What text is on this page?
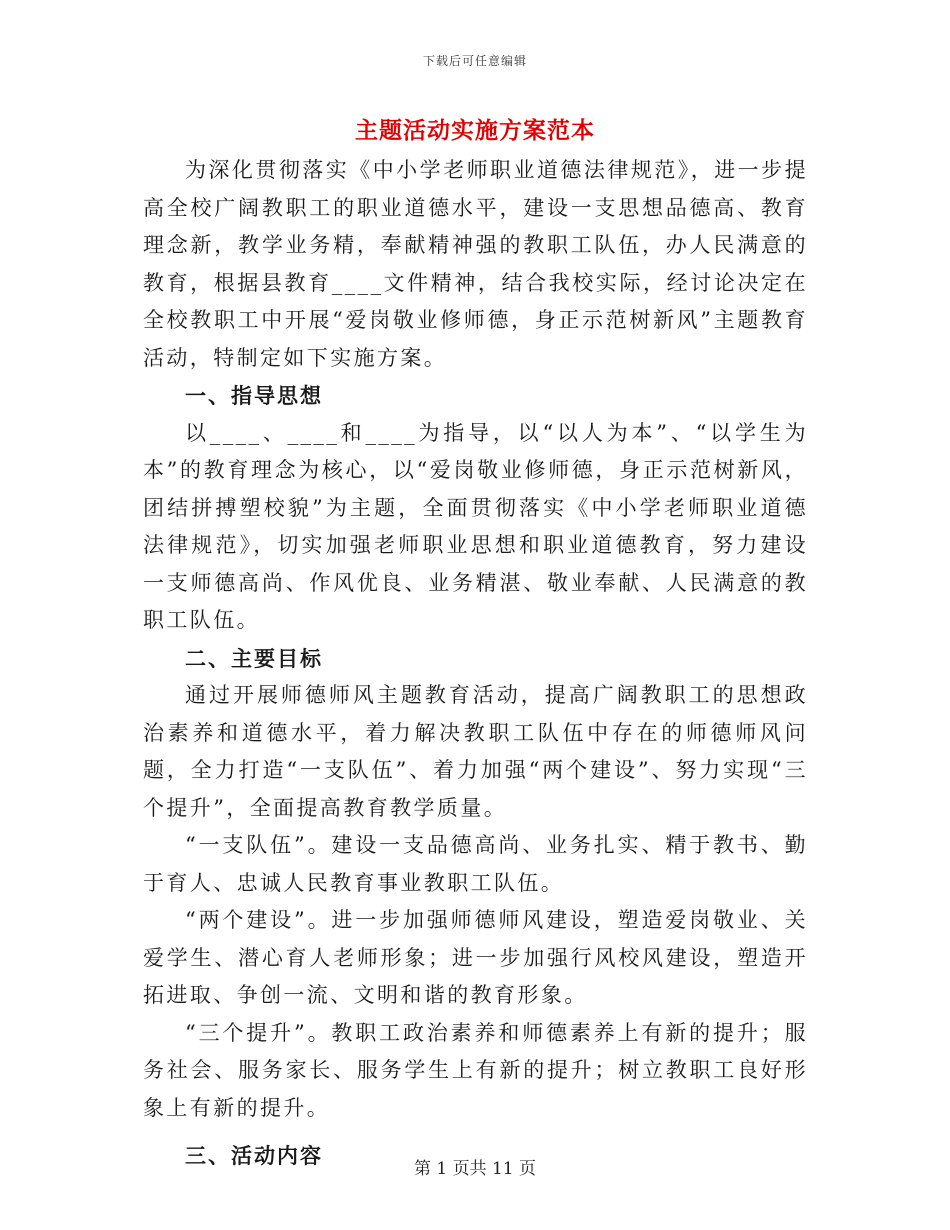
下载后可任意编辑
主题活动实施方案范本

为深化贯彻落实《中小学老师职业道德法律规范》，进一步提高全校广阔教职工的职业道德水平，建设一支思想品德高、教育理念新，教学业务精，奉献精神强的教职工队伍，办人民满意的教育，根据县教育____文件精神，结合我校实际，经讨论决定在全校教职工中开展“爱岗敬业修师德，身正示范树新风”主题教育活动，特制定如下实施方案。

一、指导思想

以____、____和____为指导，以“以人为本”、“以学生为本”的教育理念为核心，以“爱岗敬业修师德，身正示范树新风，团结拼搏塑校貌”为主题，全面贯彻落实《中小学老师职业道德法律规范》，切实加强老师职业思想和职业道德教育，努力建设一支师德高尚、作风优良、业务精湛、敬业奉献、人民满意的教职工队伍。

二、主要目标

通过开展师德师风主题教育活动，提高广阔教职工的思想政治素养和道德水平，着力解决教职工队伍中存在的师德师风问题，全力打造“一支队伍”、着力加强“两个建设”、努力实现“三个提升”，全面提高教育教学质量。

“一支队伍”。建设一支品德高尚、业务扎实、精于教书、勤于育人、忠诚人民教育事业教职工队伍。

“两个建设”。进一步加强师德师风建设，塑造爱岗敬业、关爱学生、潜心育人老师形象；进一步加强行风校风建设，塑造开拓进取、争创一流、文明和谐的教育形象。

“三个提升”。教职工政治素养和师德素养上有新的提升；服务社会、服务家长、服务学生上有新的提升；树立教职工良好形象上有新的提升。

三、活动内容
第 1 页共 11 页
